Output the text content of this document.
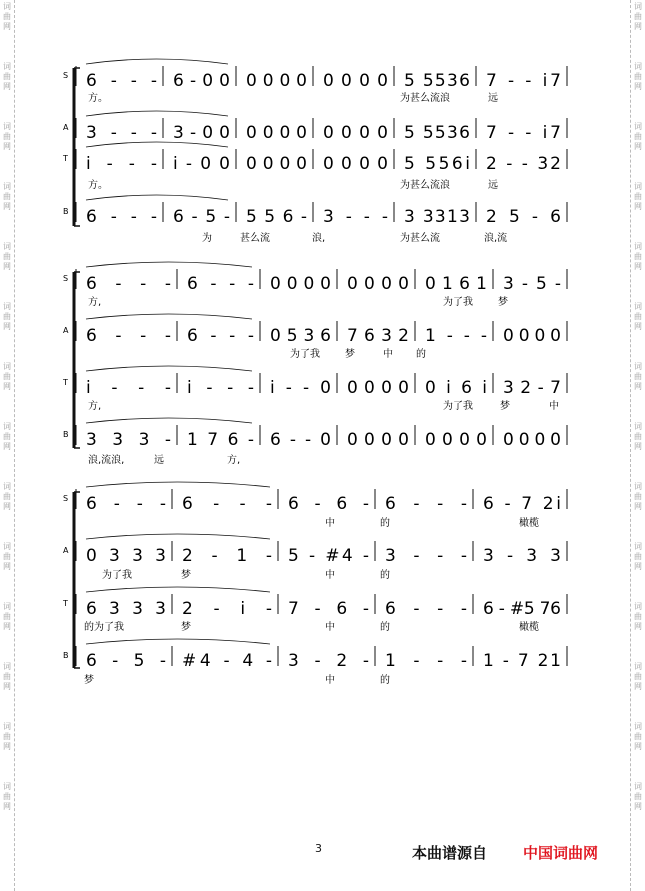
词
曲
网
词
曲
网
词
曲
网
词
曲
网
词
曲
网
词
曲
网
词
曲
网
词
曲
网
词
曲
网
词
曲
网
词
曲
网
词
曲
网
词
曲
网
词
曲
网
词
曲
网
词
曲
网
词
曲
网
词
曲
网
词
曲
网
词
曲
网
词
曲
网
词
曲
网
词
曲
网
词
曲
网
词
曲
网
词
曲
网
词
曲
网
词
曲
网
S 6 - - - 6 - 0 0 0 0 0 0 0 0 0 0 5 5536 7 - - i7
方。	为甚么流浪	远
A 3 - - - 3 - 0 0 0 0 0 0 0 0 0 0 5 5536 7 - - i7
T i - - - i - 0 0 0 0 0 0 0 0 0 0 5 556i 2 - - 32
方。	为甚么流浪	远
B 6 - - - 6 - 5 - 5 5 6 - 3 - - - 3 3313 2 5 - 6
为	甚么流	浪,	为甚么流	浪,流
S 6 - - - 6 - - - 0 0 0 0 0 0 0 0 0 1 6 1 3 - 5 -
方,	为了我	梦
A 6 - - - 6 - - - 0 5 3 6 7 6 3 2 1 - - - 0 0 0 0
为了我	梦	中 的
T i - - - i - - - i - - 0 0 0 0 0 0 i 6 i 3 2 - 7
方,	为了我	梦	中
B 3 3 3 - 1 7 6 - 6 - - 0 0 0 0 0 0 0 0 0 0 0 0 0
浪,流浪,	远	方,
S 6 - - - 6 - - - 6 - 6 - 6 - - - 6 - 7 2i
中	的	橄榄
A 0 3 3 3 2 - 1 - 5 - #4 - 3 - - - 3 - 3 3
为了我	梦	中	的
T 6 3 3 3 2 - i - 7 - 6 - 6 - - - 6 - #5 76
的为了我	梦	中	的	橄榄
B 6 - 5 - #4 - 4 - 3 - 2 - 1 - - - 1 - 7 21
梦	中	的
3	本曲谱源自 中国词曲网
